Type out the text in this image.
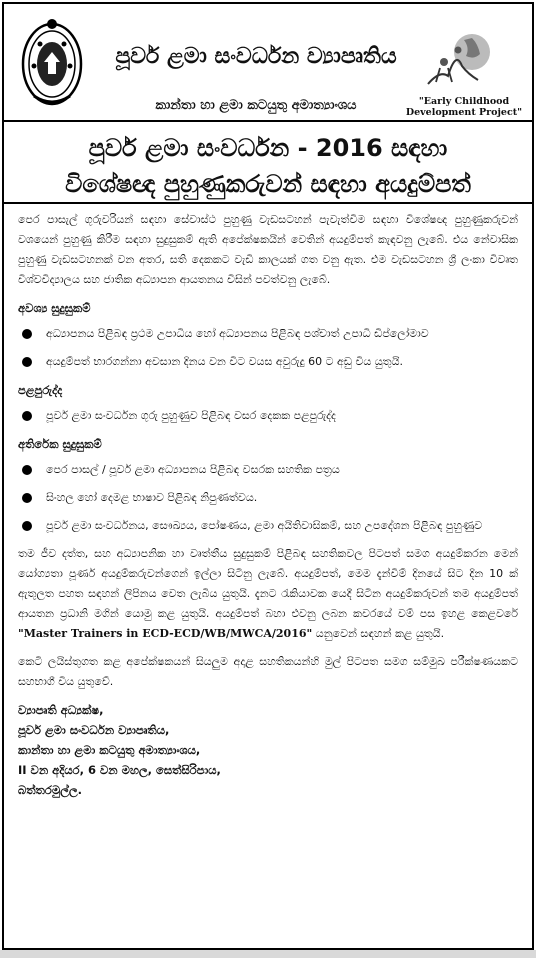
පූර්ව ළමා සංවර්ධන ව්‍යාපෘතිය
කාන්තා හා ළමා කටයුතු අමාත්‍යාංශය	"Early Childhood Development Project"
පූර්ව ළමා සංවර්ධන - 2016 සඳහා
විශේෂඥ පුහුණුකරුවන් සඳහා අයදුම්පත්

පෙර පාසැල් ගුරුවරියන් සඳහා සේවාස්ථ පුහුණු වැඩසටහන් පැවැත්වීම සඳහා විශේෂඥ පුහුණුකරුවන් වශයෙන් පුහුණු කිරීම සඳහා සුදුසුකම් ඇති අපේක්ෂකයින් වෙතින් අයදුම්පත් කැඳවනු ලැබේ. එය නේවාසික පුහුණු වැඩසටහනක් වන අතර, සති දෙකකට වැඩි කාලයක් ගත වනු ඇත. එම වැඩසටහන ශ්‍රී ලංකා විවෘත විශ්වවිද්‍යාලය සහ ජාතික අධ්‍යාපන ආයතනය විසින් පවත්වනු ලැබේ.

අවශ්‍ය සුදුසුකම්
අධ්‍යාපනය පිළිබඳ ප්‍රථම උපාධිය හෝ අධ්‍යාපනය පිළිබඳ පශ්චාත් උපාධි ඩිප්ලෝමාව
අයදුම්පත් භාරගන්නා අවසාන දිනය වන විට වයස අවුරුදු 60 ට අඩු විය යුතුයි.
පළපුරුද්ද
පූර්ව ළමා සංවර්ධන ගුරු පුහුණුව පිළිබඳ වසර දෙකක පළපුරුද්ද
අතිරේක සුදුසුකම්
පෙර පාසල් / පූර්ව ළමා අධ්‍යාපනය පිළිබඳ වසරක සහතික පත්‍රය
සිංහල හෝ දෙමළ භාෂාව පිළිබඳ නිපුණත්වය.
පූර්ව ළමා සංවර්ධනය, සෞඛ්‍යය, පෝෂණය, ළමා අයිතිවාසිකම්, සහ උපදේශන පිළිබඳ පුහුණුව

තම ජීව දත්ත, සහ අධ්‍යාපනික හා වෘත්තීය සුදුසුකම් පිළිබඳ සහතිකවල පිටපත් සමග අයදුම්කරන මෙන් යෝග්‍යතා පූර්ණ අයදුම්කරුවන්ගෙන් ඉල්ලා සිටිනු ලැබේ. අයදුම්පත්, මෙම දැන්වීම් දිනයේ සිට දින 10 ක් ඇතුලත පහත සඳහන් ලිපිනය වෙත ලැබිය යුතුයි. දැනට රැකියාවක යෙදී සිටින අයදුම්කරුවන් තම අයදුම්පත් ආයතන ප්‍රධානි මගින් යොමු කළ යුතුයි. අයදුම්පත් බහා එවනු ලබන කවරයේ වම් පස ඉහළ කෙළවරේ "Master Trainers in ECD-ECD/WB/MWCA/2016" යනුවෙන් සඳහන් කළ යුතුයි.

කෙටි ලයිස්තුගත කළ අපේක්ෂකයන් සියලුම අදාළ සහතිකයන්හි මුල් පිටපත සමග සම්මුඛ පරීක්ෂණයකට සහභාගී විය යුතුවේ.

ව්‍යාපෘති අධ්‍යක්ෂ,
පූර්ව ළමා සංවර්ධන ව්‍යාපෘතිය,
කාන්තා හා ළමා කටයුතු අමාත්‍යාංශය,
II වන අදියර, 6 වන මහල, සෙත්සිරිපාය,
බත්තරමුල්ල.
